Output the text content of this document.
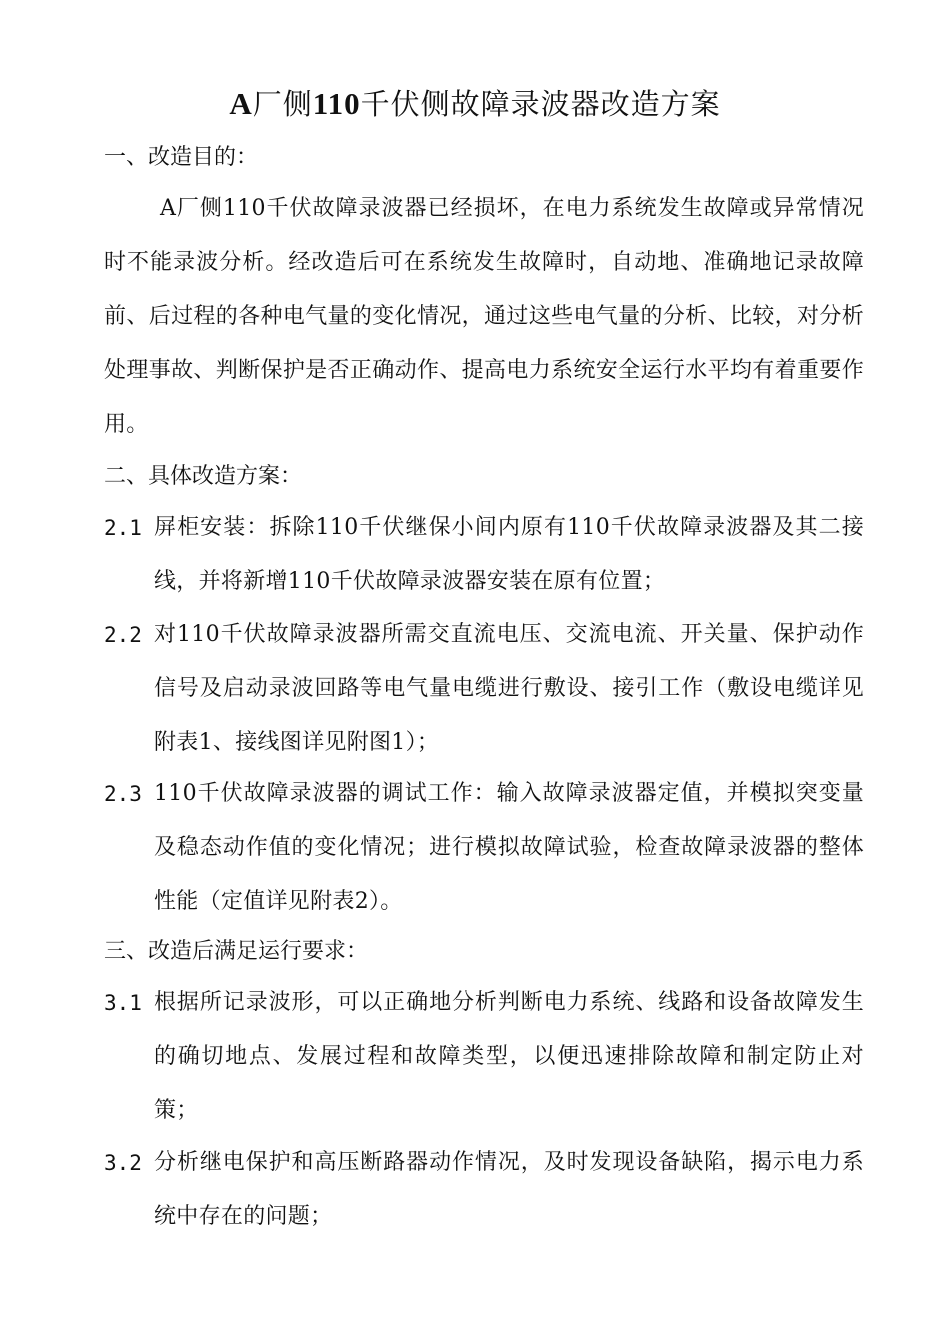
A厂侧110千伏侧故障录波器改造方案
一、改造目的：
A厂侧110千伏故障录波器已经损坏，在电力系统发生故障或异常情况时不能录波分析。经改造后可在系统发生故障时，自动地、准确地记录故障前、后过程的各种电气量的变化情况，通过这些电气量的分析、比较，对分析处理事故、判断保护是否正确动作、提高电力系统安全运行水平均有着重要作用。
二、具体改造方案：
2.1 屏柜安装：拆除110千伏继保小间内原有110千伏故障录波器及其二接线，并将新增110千伏故障录波器安装在原有位置；
2.2 对110千伏故障录波器所需交直流电压、交流电流、开关量、保护动作信号及启动录波回路等电气量电缆进行敷设、接引工作（敷设电缆详见附表1、接线图详见附图1）；
2.3 110千伏故障录波器的调试工作：输入故障录波器定值，并模拟突变量及稳态动作值的变化情况；进行模拟故障试验，检查故障录波器的整体性能（定值详见附表2）。
三、改造后满足运行要求：
3.1 根据所记录波形，可以正确地分析判断电力系统、线路和设备故障发生的确切地点、发展过程和故障类型，以便迅速排除故障和制定防止对策；
3.2 分析继电保护和高压断路器动作情况，及时发现设备缺陷，揭示电力系统中存在的问题；
